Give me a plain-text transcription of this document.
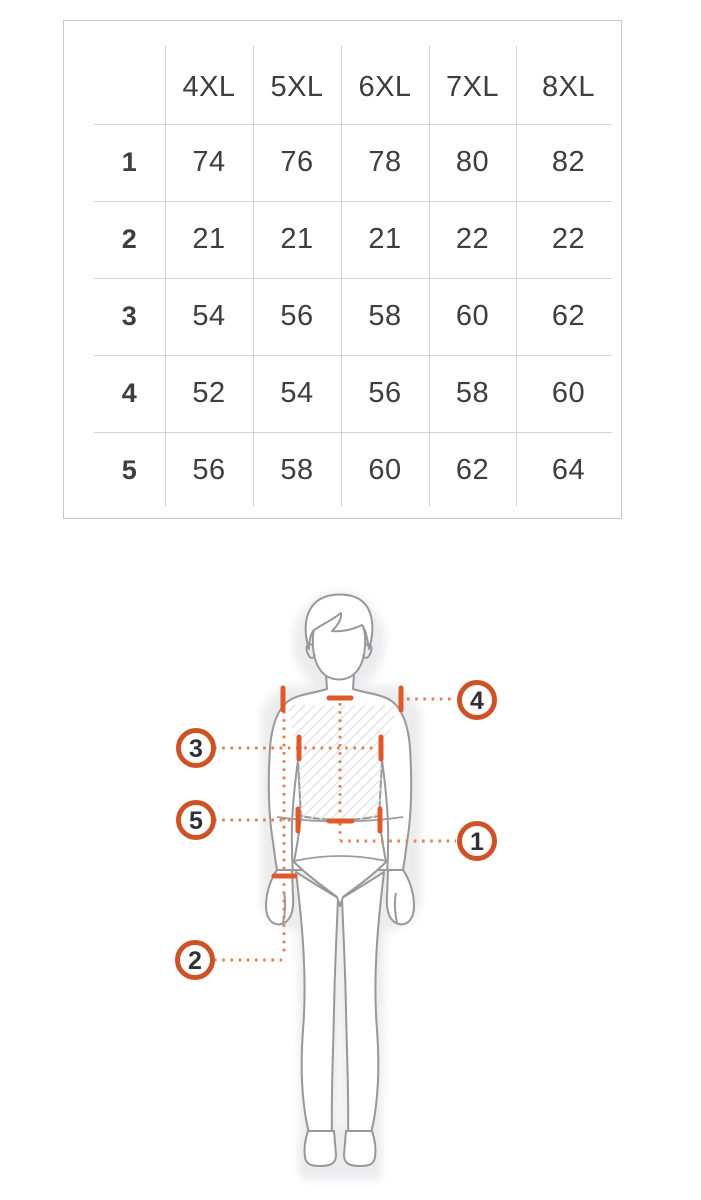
1
2
3
4
5
4XL	5XL	6XL	7XL	8XL
1	74	76	78	80	82
2	21	21	21	22	22
3	54	56	58	60	62
4	52	54	56	58	60
5	56	58	60	62	64
